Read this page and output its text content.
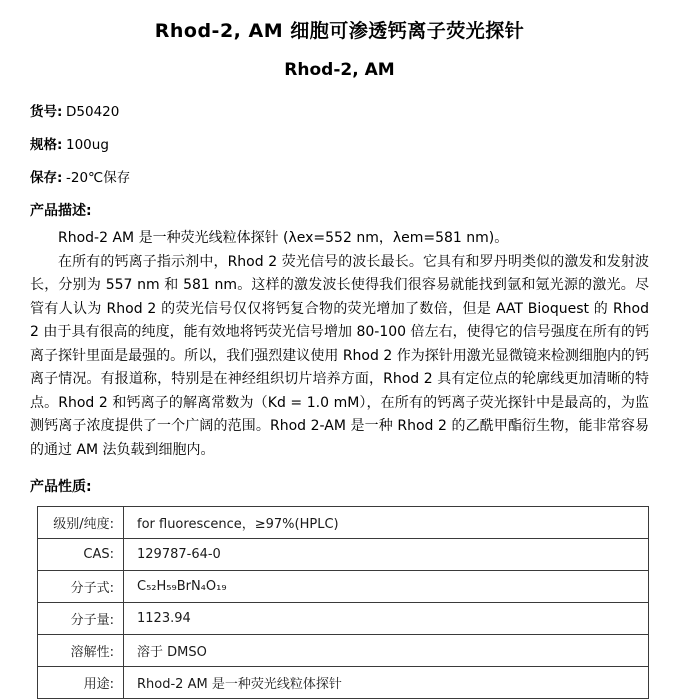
Rhod-2, AM 细胞可渗透钙离子荧光探针
Rhod-2, AM
货号: D50420
规格: 100ug
保存: -20℃保存
产品描述:

Rhod-2 AM 是一种荧光线粒体探针 (λex=552 nm，λem=581 nm)。

在所有的钙离子指示剂中，Rhod 2 荧光信号的波长最长。它具有和罗丹明类似的激发和发射波长，分别为 557 nm 和 581 nm。这样的激发波长使得我们很容易就能找到氩和氪光源的激光。尽管有人认为 Rhod 2 的荧光信号仅仅将钙复合物的荧光增加了数倍，但是 AAT Bioquest 的 Rhod 2 由于具有很高的纯度，能有效地将钙荧光信号增加 80-100 倍左右，使得它的信号强度在所有的钙离子探针里面是最强的。所以，我们强烈建议使用 Rhod 2 作为探针用激光显微镜来检测细胞内的钙离子情况。有报道称，特别是在神经组织切片培养方面，Rhod 2 具有定位点的轮廓线更加清晰的特点。Rhod 2 和钙离子的解离常数为（Kd = 1.0 mM），在所有的钙离子荧光探针中是最高的，为监测钙离子浓度提供了一个广阔的范围。Rhod 2-AM 是一种 Rhod 2 的乙酰甲酯衍生物，能非常容易的通过 AM 法负载到细胞内。

产品性质:
级别/纯度:	for fluorescence，≥97%(HPLC)
CAS:	129787-64-0
分子式:	C₅₂H₅₉BrN₄O₁₉
分子量:	1123.94
溶解性:	溶于 DMSO
用途:	Rhod-2 AM 是一种荧光线粒体探针
